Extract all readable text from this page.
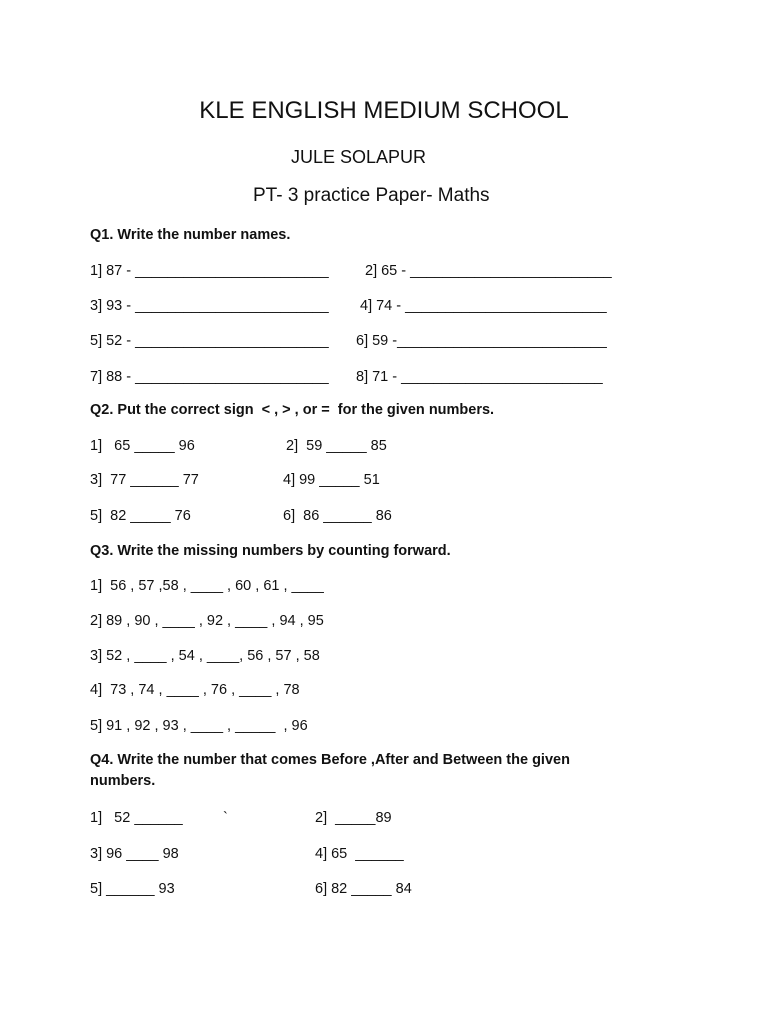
KLE ENGLISH MEDIUM SCHOOL
JULE SOLAPUR
PT- 3 practice Paper- Maths
Q1. Write the number names.
1] 87 - ________________________	2] 65 - _________________________
3] 93 - ________________________ 4] 74 - _________________________
5] 52 - ________________________ 6] 59 -__________________________
7] 88 - ________________________ 8] 71 - _________________________
Q2. Put the correct sign  < , > , or =  for the given numbers.
1]   65 _____ 96	2]  59 _____ 85
3]  77 ______ 77	4] 99 _____ 51
5]  82 _____ 76	6]  86 ______ 86
Q3. Write the missing numbers by counting forward.
1]  56 , 57 ,58 , ____ , 60 , 61 , ____
2] 89 , 90 , ____ , 92 , ____ , 94 , 95
3] 52 , ____ , 54 , ____, 56 , 57 , 58
4]  73 , 74 , ____ , 76 , ____ , 78
5] 91 , 92 , 93 , ____ , _____  , 96
Q4. Write the number that comes Before ,After and Between the given numbers.
1]   52 ______          `	2]  _____89
3] 96 ____ 98	4] 65  ______
5] ______ 93	6] 82 _____ 84
